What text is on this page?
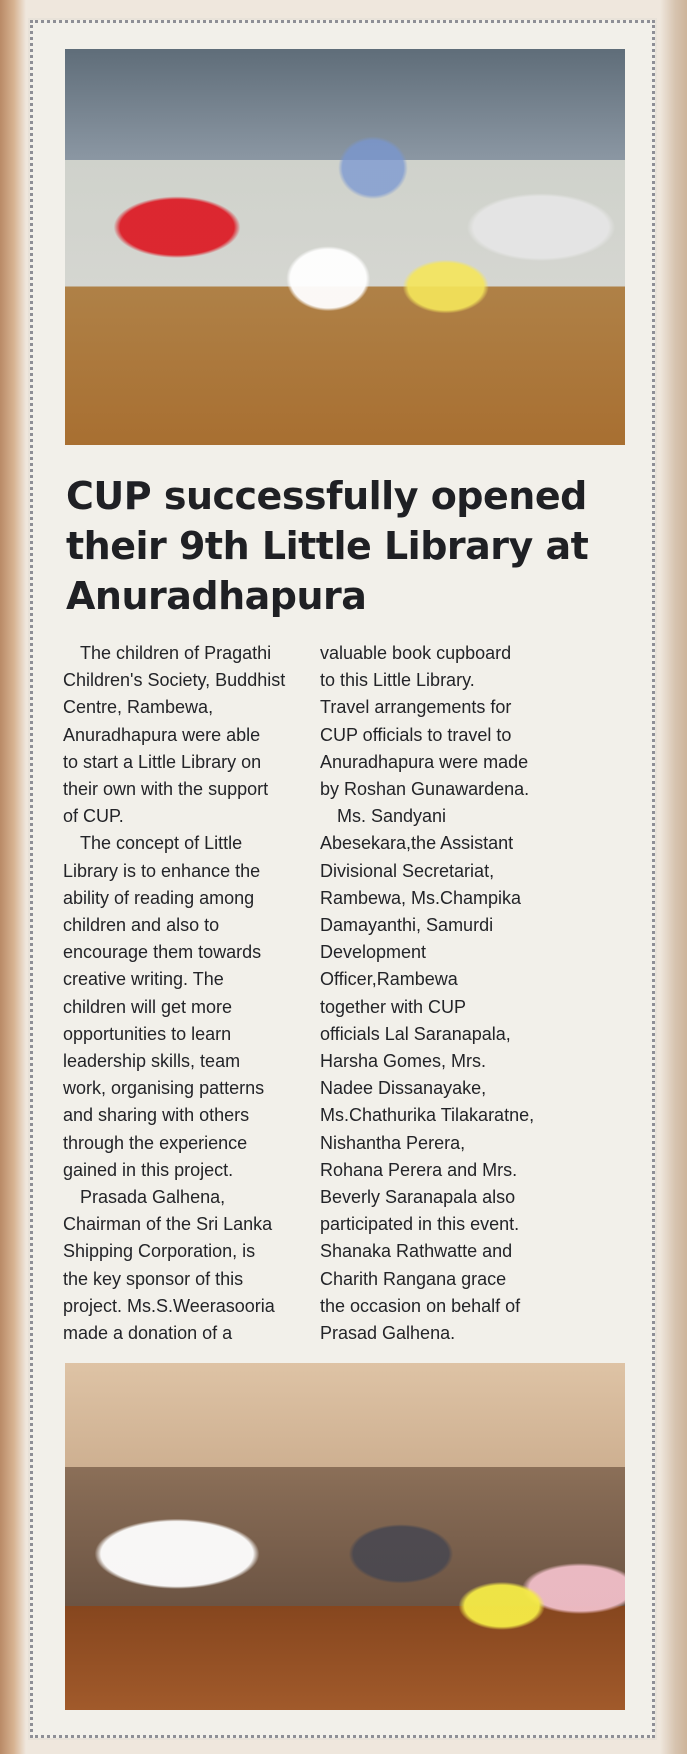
CUP successfully opened
their 9th Little Library at
Anuradhapura
The children of Pragathi
Children's Society, Buddhist
Centre, Rambewa,
Anuradhapura were able
to start a Little Library on
their own with the support
of CUP.
The concept of Little
Library is to enhance the
ability of reading among
children and also to
encourage them towards
creative writing. The
children will get more
opportunities to learn
leadership skills, team
work, organising patterns
and sharing with others
through the experience
gained in this project.
Prasada Galhena,
Chairman of the Sri Lanka
Shipping Corporation, is
the key sponsor of this
project. Ms.S.Weerasooria
made a donation of a
valuable book cupboard
to this Little Library.
Travel arrangements for
CUP officials to travel to
Anuradhapura were made
by Roshan Gunawardena.
Ms. Sandyani
Abesekara,the Assistant
Divisional Secretariat,
Rambewa, Ms.Champika
Damayanthi, Samurdi
Development
Officer,Rambewa
together with CUP
officials Lal Saranapala,
Harsha Gomes, Mrs.
Nadee Dissanayake,
Ms.Chathurika Tilakaratne,
Nishantha Perera,
Rohana Perera and Mrs.
Beverly Saranapala also
participated in this event.
Shanaka Rathwatte and
Charith Rangana grace
the occasion on behalf of
Prasad Galhena.
